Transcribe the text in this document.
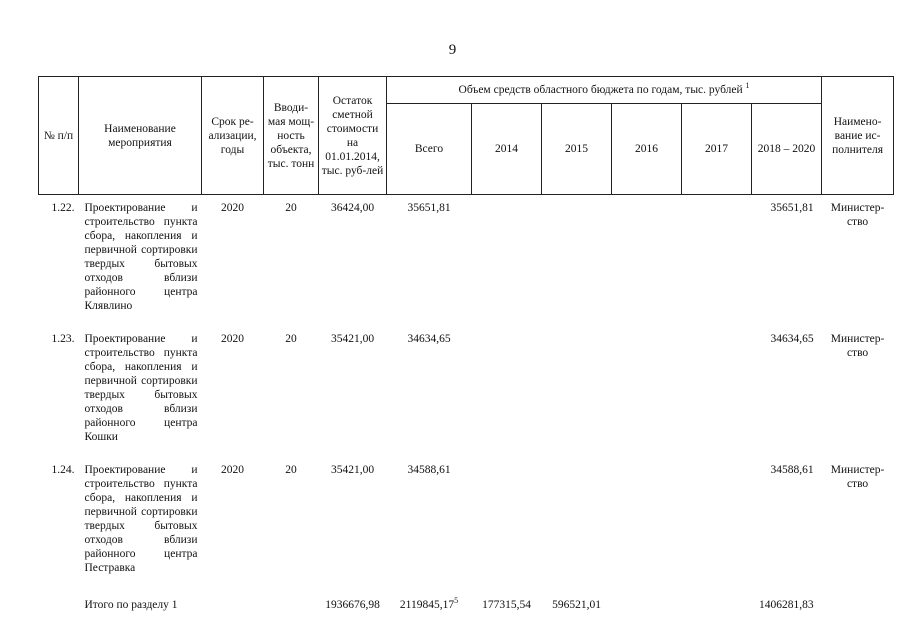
9
№ п/п	Наименование мероприятия	Срок ре-ализации, годы	Вводи-мая мощ-ность объекта, тыс. тонн	Остаток сметной стоимости на 01.01.2014, тыс. руб-лей	Объем средств областного бюджета по годам, тыс. рублей $^1$						Наимено-вание ис-полнителя
					Всего	2014	2015	2016	2017	2018 – 2020	
1.22.	Проектирование и строительство пункта сбора, накопления и первичной сортировки твердых бытовых отходов вблизи районного центра Клявлино	2020	20	36424,00	35651,81					35651,81	Министер-ство
1.23.	Проектирование и строительство пункта сбора, накопления и первичной сортировки твердых бытовых отходов вблизи районного центра Кошки	2020	20	35421,00	34634,65					34634,65	Министер-ство
1.24.	Проектирование и строительство пункта сбора, накопления и первичной сортировки твердых бытовых отходов вблизи районного центра Пестравка	2020	20	35421,00	34588,61					34588,61	Министер-ство
	Итого по разделу 1			1936676,98	2119845,17$^5$	177315,54	596521,01			1406281,83	
